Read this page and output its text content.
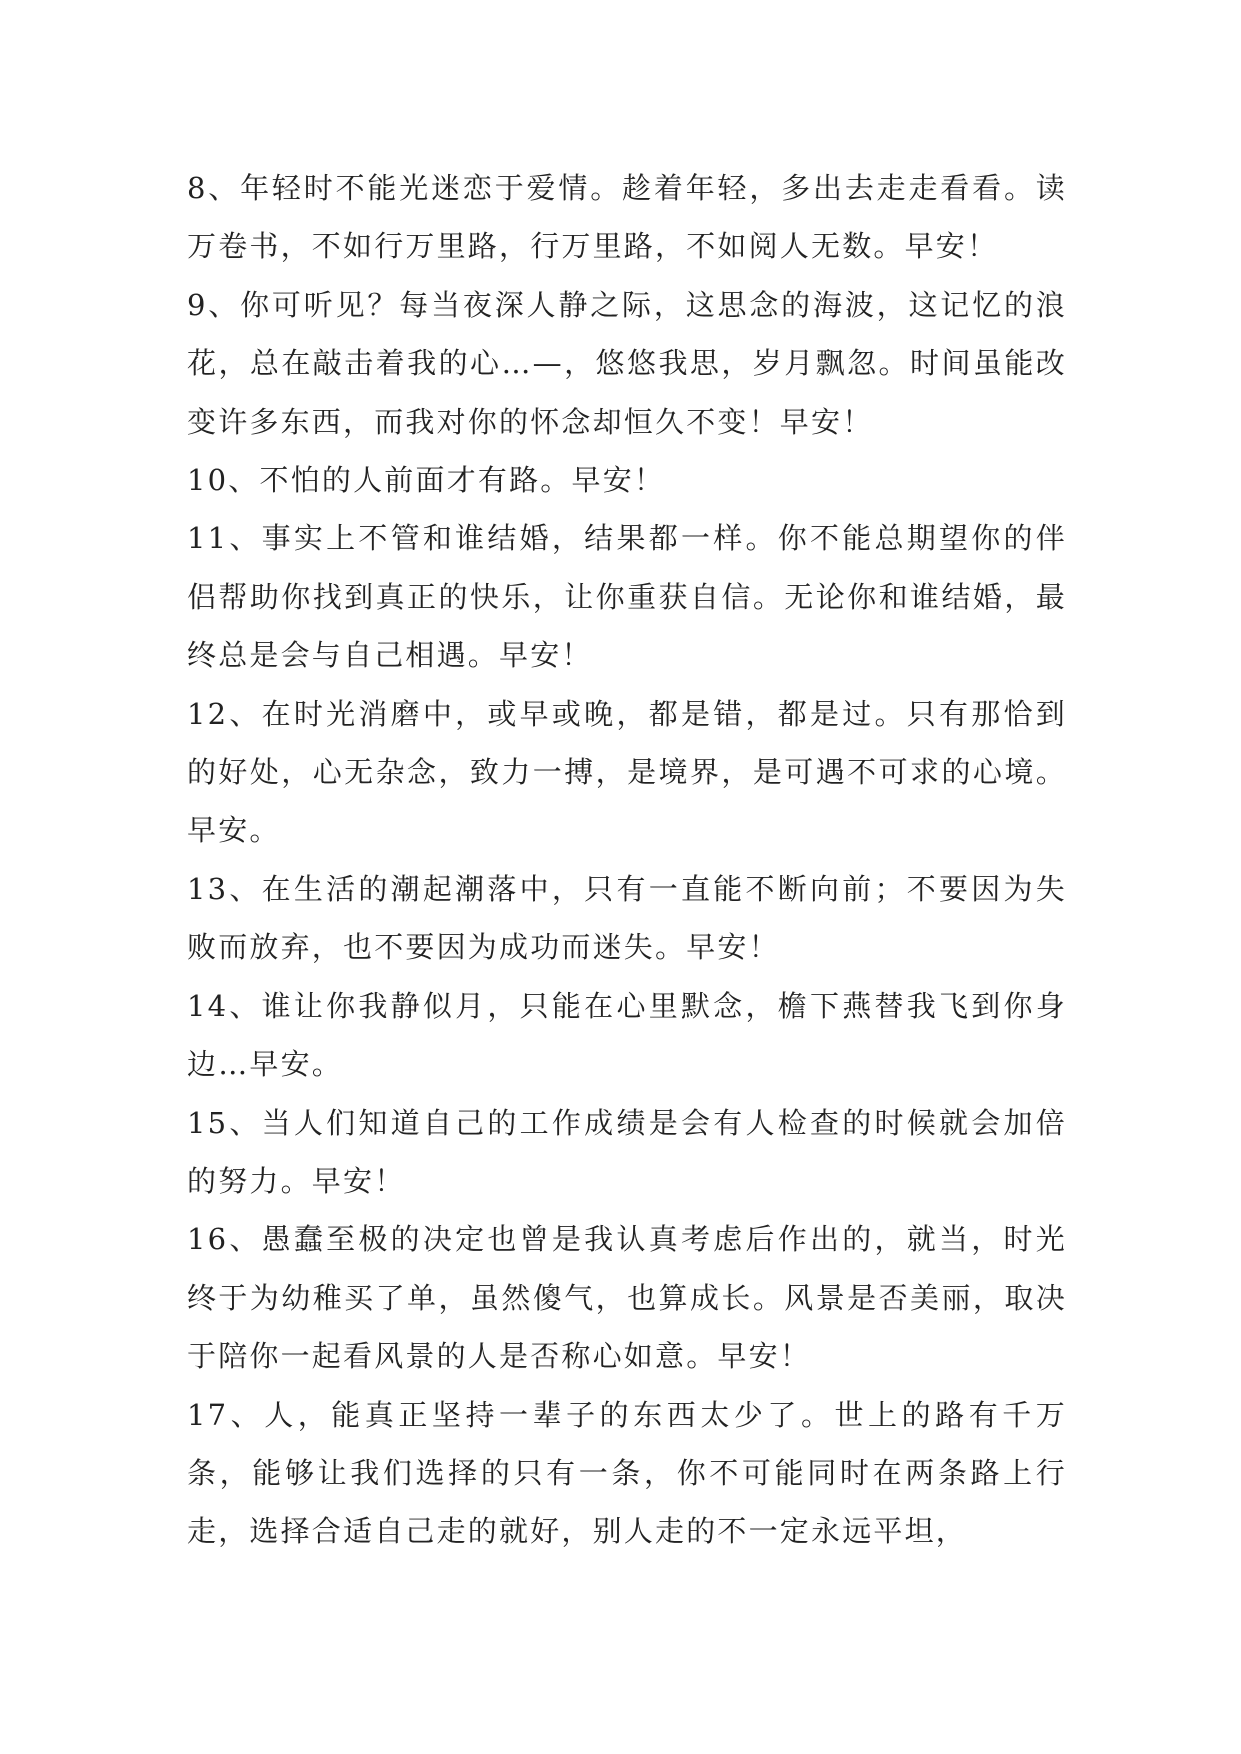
8、年轻时不能光迷恋于爱情。趁着年轻，多出去走走看看。读万卷书，不如行万里路，行万里路，不如阅人无数。早安！

9、你可听见？每当夜深人静之际，这思念的海波，这记忆的浪花，总在敲击着我的心…—，悠悠我思，岁月飘忽。时间虽能改变许多东西，而我对你的怀念却恒久不变！早安！

10、不怕的人前面才有路。早安！

11、事实上不管和谁结婚，结果都一样。你不能总期望你的伴侣帮助你找到真正的快乐，让你重获自信。无论你和谁结婚，最终总是会与自己相遇。早安！

12、在时光消磨中，或早或晚，都是错，都是过。只有那恰到的好处，心无杂念，致力一搏，是境界，是可遇不可求的心境。早安。

13、在生活的潮起潮落中，只有一直能不断向前；不要因为失败而放弃，也不要因为成功而迷失。早安！

14、谁让你我静似月，只能在心里默念，檐下燕替我飞到你身边…早安。

15、当人们知道自己的工作成绩是会有人检查的时候就会加倍的努力。早安！

16、愚蠢至极的决定也曾是我认真考虑后作出的，就当，时光终于为幼稚买了单，虽然傻气，也算成长。风景是否美丽，取决于陪你一起看风景的人是否称心如意。早安！

17、人，能真正坚持一辈子的东西太少了。世上的路有千万条，能够让我们选择的只有一条，你不可能同时在两条路上行走，选择合适自己走的就好，别人走的不一定永远平坦，
